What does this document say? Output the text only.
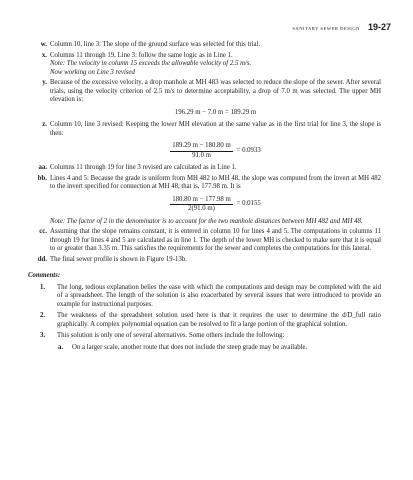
SANITARY SEWER DESIGN 19-27
w. Column 10, line 3: The slope of the ground surface was selected for this trial.
x. Columns 11 through 19, Line 3: follow the same logic as in Line 1.
Note: The velocity in column 15 exceeds the allowable velocity of 2.5 m/s.
Now working on Line 3 revised
y. Because of the excessive velocity, a drop manhole at MH 483 was selected to reduce the slope of the sewer. After several trials, using the velocity criterion of 2.5 m/s to determine acceptability, a drop of 7.0 m was selected. The upper MH elevation is:
196.29 m − 7.0 m = 189.29 m
z. Column 10, line 3 revised: Keeping the lower MH elevation at the same value as in the first trial for line 3, the slope is then:
$\frac{189.29 m - 180.80 m}{91.0 m} = 0.0933$
aa. Columns 11 through 19 for line 3 revised are calculated as in Line 1.
bb. Lines 4 and 5: Because the grade is uniform from MH 482 to MH 48, the slope was computed from the invert at MH 482 to the invert specified for connection at MH 48, that is, 177.98 m. It is
$\frac{180.80 m - 177.98 m}{2(91.0 m)} = 0.0155$
Note: The factor of 2 in the denominator is to account for the two manhole distances between MH 482 and MH 48.
cc. Assuming that the slope remains constant, it is entered in column 10 for lines 4 and 5. The computations in columns 11 through 19 for lines 4 and 5 are calculated as in line 1. The depth of the lower MH is checked to make sure that it is equal to or greater than 3.35 m. This satisfies the requirements for the sewer and completes the computations for this lateral.
dd. The final sewer profile is shown in Figure 19-13b.
Comments:
1. The long, tedious explanation belies the ease with which the computations and design may be completed with the aid of a spreadsheet. The length of the solution is also exacerbated by several issues that were introduced to provide an example for instructional purposes.
2. The weakness of the spreadsheet solution used here is that it requires the user to determine the d/D_full ratio graphically. A complex polynomial equation can be resolved to fit a large portion of the graphical solution.
3. This solution is only one of several alternatives. Some others include the following:
a. On a larger scale, another route that does not include the steep grade may be available.
